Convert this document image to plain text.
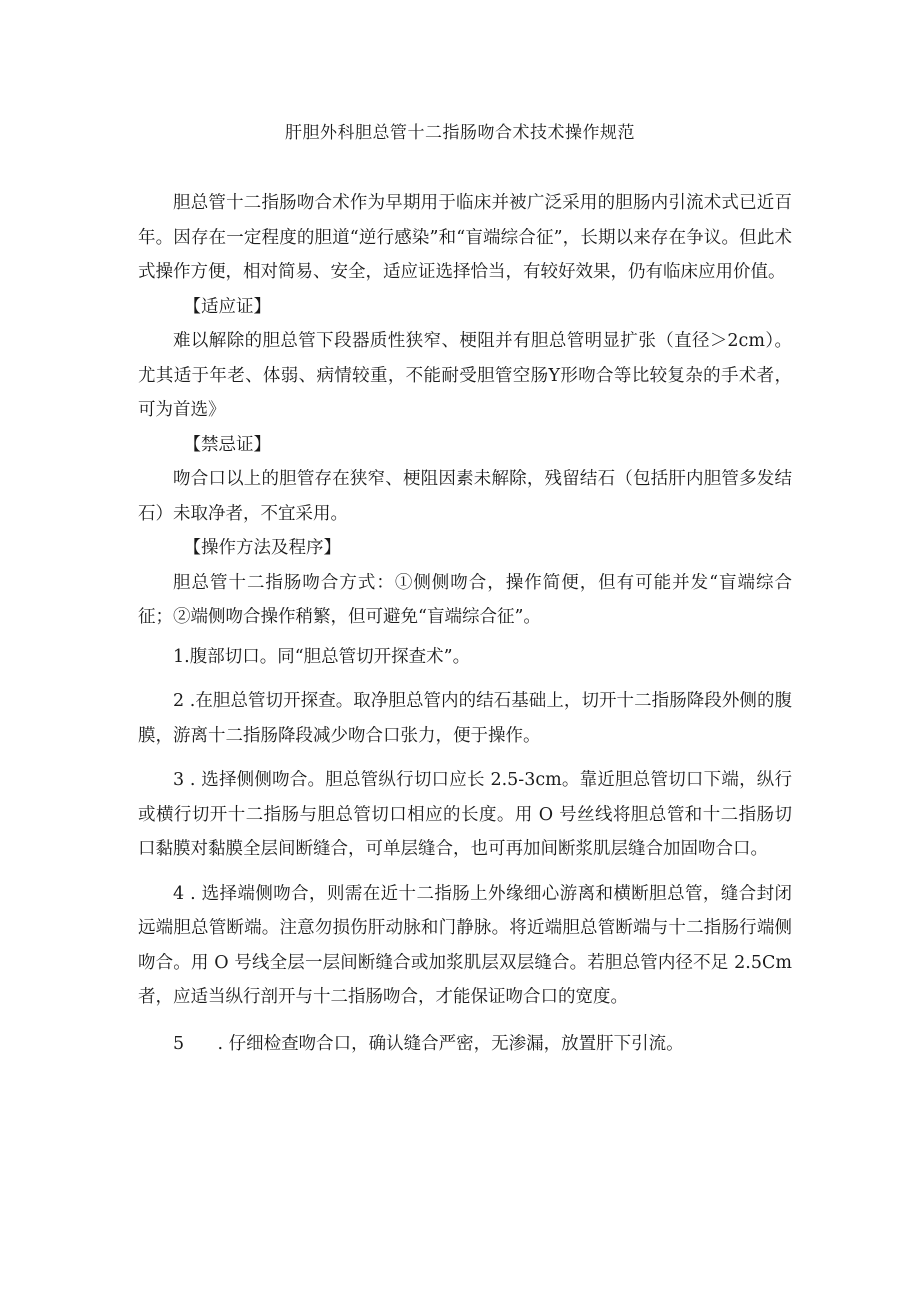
肝胆外科胆总管十二指肠吻合术技术操作规范

胆总管十二指肠吻合术作为早期用于临床并被广泛采用的胆肠内引流术式已近百年。因存在一定程度的胆道“逆行感染”和“盲端综合征”，长期以来存在争议。但此术式操作方便，相对简易、安全，适应证选择恰当，有较好效果，仍有临床应用价值。

【适应证】

难以解除的胆总管下段器质性狭窄、梗阻并有胆总管明显扩张（直径＞2cm）。尤其适于年老、体弱、病情较重，不能耐受胆管空肠Y形吻合等比较复杂的手术者，可为首选》

【禁忌证】

吻合口以上的胆管存在狭窄、梗阻因素未解除，残留结石（包括肝内胆管多发结石）未取净者，不宜采用。

【操作方法及程序】

胆总管十二指肠吻合方式：①侧侧吻合，操作简便，但有可能并发“盲端综合征；②端侧吻合操作稍繁，但可避免“盲端综合征”。

1.腹部切口。同“胆总管切开探查术”。

2 .在胆总管切开探查。取净胆总管内的结石基础上，切开十二指肠降段外侧的腹膜，游离十二指肠降段减少吻合口张力，便于操作。

3 . 选择侧侧吻合。胆总管纵行切口应长 2.5-3cm。靠近胆总管切口下端，纵行或横行切开十二指肠与胆总管切口相应的长度。用 O 号丝线将胆总管和十二指肠切口黏膜对黏膜全层间断缝合，可单层缝合，也可再加间断浆肌层缝合加固吻合口。

4 . 选择端侧吻合，则需在近十二指肠上外缘细心游离和横断胆总管，缝合封闭远端胆总管断端。注意勿损伤肝动脉和门静脉。将近端胆总管断端与十二指肠行端侧吻合。用 O 号线全层一层间断缝合或加浆肌层双层缝合。若胆总管内径不足 2.5Cm 者，应适当纵行剖开与十二指肠吻合，才能保证吻合口的宽度。

5      . 仔细检查吻合口，确认缝合严密，无渗漏，放置肝下引流。
